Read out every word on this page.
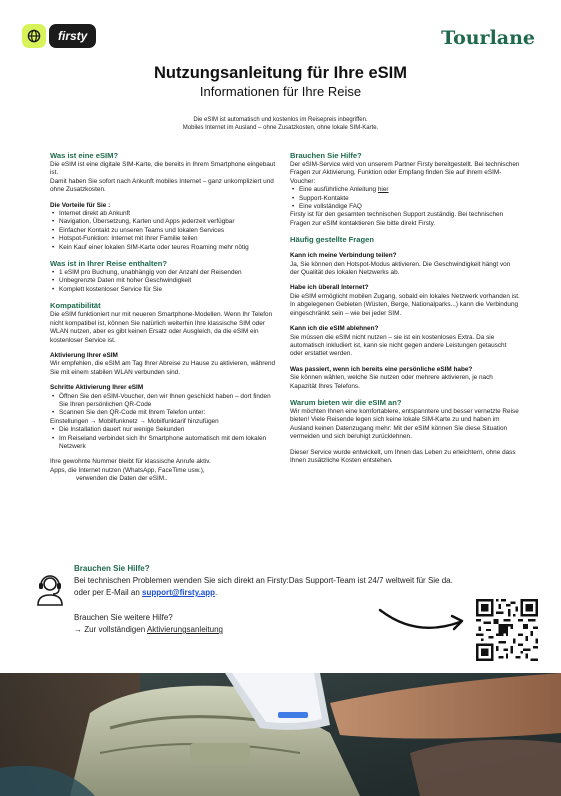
firsty	Tourlane
Nutzungsanleitung für Ihre eSIM
Informationen für Ihre Reise
Die eSIM ist automatisch und kostenlos im Reisepreis inbegriffen.
Mobiles Internet im Ausland – ohne Zusatzkosten, ohne lokale SIM-Karte.
Was ist eine eSIM?

Die eSIM ist eine digitale SIM-Karte, die bereits in Ihrem Smartphone eingebaut ist.

Damit haben Sie sofort nach Ankunft mobiles Internet – ganz unkompliziert und ohne Zusatzkosten.

Die Vorteile für Sie :
• Internet direkt ab Ankunft
• Navigation, Übersetzung, Karten und Apps jederzeit verfügbar
• Einfacher Kontakt zu unseren Teams und lokalen Services
• Hotspot-Funktion: Internet mit Ihrer Familie teilen
• Kein Kauf einer lokalen SIM-Karte oder teures Roaming mehr nötig
Was ist in Ihrer Reise enthalten?
• 1 eSIM pro Buchung, unabhängig von der Anzahl der Reisenden
• Unbegrenzte Daten mit hoher Geschwindigkeit
• Komplett kostenloser Service für Sie
Kompatibilität

Die eSIM funktioniert nur mit neueren Smartphone-Modellen. Wenn Ihr Telefon nicht kompatibel ist, können Sie natürlich weiterhin Ihre klassische SIM oder WLAN nutzen, aber es gibt keinen Ersatz oder Ausgleich, da die eSIM ein kostenloser Service ist.

Aktivierung Ihrer eSIM

Wir empfehlen, die eSIM am Tag Ihrer Abreise zu Hause zu aktivieren, während Sie mit einem stabilen WLAN verbunden sind.

Schritte Aktivierung Ihrer eSIM
• Öffnen Sie den eSIM-Voucher, den wir Ihnen geschickt haben – dort finden Sie Ihren persönlichen QR-Code
• Scannen Sie den QR-Code mit Ihrem Telefon unter:

Einstellungen → Mobilfunknetz → Mobilfunktarif hinzufügen

• Die Installation dauert nur wenige Sekunden
• Im Reiseland verbindet sich Ihr Smartphone automatisch mit dem lokalen Netzwerk

Ihre gewohnte Nummer bleibt für klassische Anrufe aktiv.

Apps, die Internet nutzen (WhatsApp, FaceTime usw.),

verwenden die Daten der eSIM..

Brauchen Sie Hilfe?

Der eSIM-Service wird von unserem Partner Firsty bereitgestellt. Bei technischen Fragen zur Aktivierung, Funktion oder Empfang finden Sie auf ihrem eSIM-Voucher:

• Eine ausführliche Anleitung hier
• Support-Kontakte
• Eine vollständige FAQ

Firsty ist für den gesamten technischen Support zuständig. Bei technischen Fragen zur eSIM kontaktieren Sie bitte direkt Firsty.

Häufig gestellte Fragen
Kann ich meine Verbindung teilen?

Ja, Sie können den Hotspot-Modus aktivieren. Die Geschwindigkeit hängt von der Qualität des lokalen Netzwerks ab.

Habe ich überall Internet?

Die eSIM ermöglicht mobilen Zugang, sobald ein lokales Netzwerk vorhanden ist. In abgelegenen Gebieten (Wüsten, Berge, Nationalparks...) kann die Verbindung eingeschränkt sein – wie bei jeder SIM.

Kann ich die eSIM ablehnen?

Sie müssen die eSIM nicht nutzen – sie ist ein kostenloses Extra. Da sie automatisch inkludiert ist, kann sie nicht gegen andere Leistungen getauscht oder erstattet werden.

Was passiert, wenn ich bereits eine persönliche eSIM habe?

Sie können wählen, welche Sie nutzen oder mehrere aktivieren, je nach Kapazität Ihres Telefons.

Warum bieten wir die eSIM an?

Wir möchten Ihnen eine komfortablere, entspanntere und besser vernetzte Reise bieten! Viele Reisende legen sich keine lokale SIM-Karte zu und haben im Ausland keinen Datenzugang mehr: Mit der eSIM können Sie diese Situation vermeiden und sich beruhigt zurücklehnen.

Dieser Service wurde entwickelt, um Ihnen das Leben zu erleichtern, ohne dass Ihnen zusätzliche Kosten entstehen.

Brauchen Sie Hilfe?
Bei technischen Problemen wenden Sie sich direkt an Firsty:Das Support-Team ist 24/7 weltweit für Sie da.
oder per E-Mail an support@firsty.app.
Brauchen Sie weitere Hilfe?
→ Zur vollständigen Aktivierungsanleitung
